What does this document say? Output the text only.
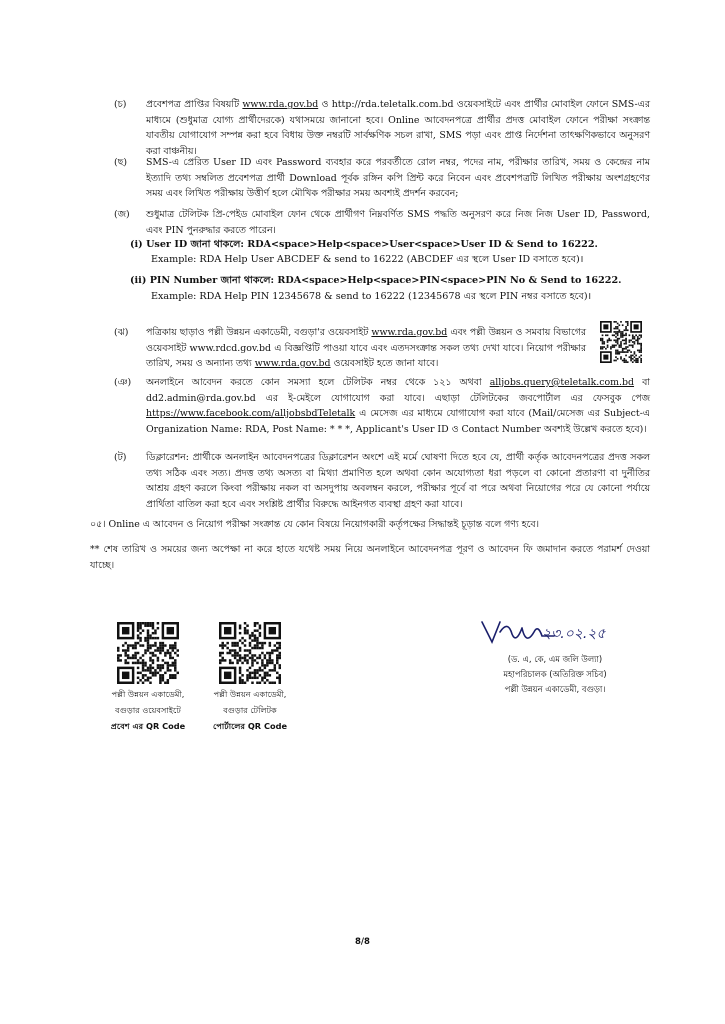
(চ) প্রবেশপত্র প্রাপ্তির বিষয়টি www.rda.gov.bd ও http://rda.teletalk.com.bd ওয়েবসাইটে এবং প্রার্থীর মোবাইল ফোনে SMS-এর মাধ্যমে (শুধুমাত্র যোগ্য প্রার্থীদেরকে) যথাসময়ে জানানো হবে। Online আবেদনপত্রে প্রার্থীর প্রদত্ত মোবাইল ফোনে পরীক্ষা সংক্রান্ত যাবতীয় যোগাযোগ সম্পন্ন করা হবে বিধায় উক্ত নম্বরটি সার্বক্ষণিক সচল রাখা, SMS পড়া এবং প্রাপ্ত নির্দেশনা তাৎক্ষণিকভাবে অনুসরণ করা বাঞ্চনীয়।
(ছ) SMS-এ প্রেরিত User ID এবং Password ব্যবহার করে পরবর্তীতে রোল নম্বর, পদের নাম, পরীক্ষার তারিখ, সময় ও কেন্দ্রের নাম ইত্যাদি তথ্য সম্বলিত প্রবেশপত্র প্রার্থী Download পূর্বক রঙ্গিন কপি প্রিন্ট করে নিবেন এবং প্রবেশপত্রটি লিখিত পরীক্ষায় অংশগ্রহণের সময় এবং লিখিত পরীক্ষায় উত্তীর্ণ হলে মৌখিক পরীক্ষার সময় অবশ্যই প্রদর্শন করবেন;
(জ) শুধুমাত্র টেলিটক প্রি-পেইড মোবাইল ফোন থেকে প্রার্থীগণ নিম্নবর্ণিত SMS পদ্ধতি অনুসরণ করে নিজ নিজ User ID, Password, এবং PIN পুনরুদ্ধার করতে পারেন।
(i) User ID জানা থাকলে: RDA<space>Help<space>User<space>User ID & Send to 16222.
Example: RDA Help User ABCDEF & send to 16222 (ABCDEF এর স্থলে User ID বসাতে হবে)।
(ii) PIN Number জানা থাকলে: RDA<space>Help<space>PIN<space>PIN No & Send to 16222.
Example: RDA Help PIN 12345678 & send to 16222 (12345678 এর স্থলে PIN নম্বর বসাতে হবে)।
(ঝ) পত্রিকায় ছাড়াও পল্লী উন্নয়ন একাডেমী, বগুড়া'র ওয়েবসাইট www.rda.gov.bd এবং পল্লী উন্নয়ন ও সমবায় বিভাগের ওয়েবসাইট www.rdcd.gov.bd এ বিজ্ঞপ্তিটি পাওয়া যাবে এবং এতদসংক্রান্ত সকল তথ্য দেখা যাবে। নিয়োগ পরীক্ষার তারিখ, সময় ও অন্যান্য তথ্য www.rda.gov.bd ওয়েবসাইট হতে জানা যাবে।
(ঞ) অনলাইনে আবেদন করতে কোন সমস্যা হলে টেলিটক নম্বর থেকে ১২১ অথবা alljobs.query@teletalk.com.bd বা dd2.admin@rda.gov.bd এর ই-মেইলে যোগাযোগ করা যাবে। এছাড়া টেলিটকের জবপোর্টাল এর ফেসবুক পেজ https://www.facebook.com/alljobsbdTeletalk এ মেসেজ এর মাধ্যমে যোগাযোগ করা যাবে (Mail/মেসেজ এর Subject-এ Organization Name: RDA, Post Name: * * *, Applicant's User ID ও Contact Number অবশ্যই উল্লেখ করতে হবে)।
(ট) ডিক্লারেশন: প্রার্থীকে অনলাইন আবেদনপত্রের ডিক্লারেশন অংশে এই মর্মে ঘোষণা দিতে হবে যে, প্রার্থী কর্তৃক আবেদনপত্রের প্রদত্ত সকল তথ্য সঠিক এবং সত্য। প্রদত্ত তথ্য অসত্য বা মিথ্যা প্রমাণিত হলে অথবা কোন অযোগ্যতা ধরা পড়লে বা কোনো প্রতারণা বা দুর্নীতির আশ্রয় গ্রহণ করলে কিংবা পরীক্ষায় নকল বা অসদুপায় অবলম্বন করলে, পরীক্ষার পূর্বে বা পরে অথবা নিয়োগের পরে যে কোনো পর্যায়ে প্রার্থিতা বাতিল করা হবে এবং সংশ্লিষ্ট প্রার্থীর বিরুদ্ধে আইনগত ব্যবস্থা গ্রহণ করা যাবে।
০৫। Online এ আবেদন ও নিয়োগ পরীক্ষা সংক্রান্ত যে কোন বিষয়ে নিয়োগকারী কর্তৃপক্ষের সিদ্ধান্তই চূড়ান্ত বলে গণ্য হবে।
** শেষ তারিখ ও সময়ের জন্য অপেক্ষা না করে হাতে যথেষ্ট সময় নিয়ে অনলাইনে আবেদনপত্র পূরণ ও আবেদন ফি জমাদান করতে পরামর্শ দেওয়া যাচ্ছে।
পল্লী উন্নয়ন একাডেমী,
বগুড়ার ওয়েবসাইটে
প্রবেশ এর QR Code
পল্লী উন্নয়ন একাডেমী,
বগুড়ার টেলিটক
পোর্টালের QR Code
২৩.০২.২৫
(ড. এ, কে, এম জলি উল্যা)
মহাপরিচালক (অতিরিক্ত সচিব)
পল্লী উন্নয়ন একাডেমী, বগুড়া।
8/8
